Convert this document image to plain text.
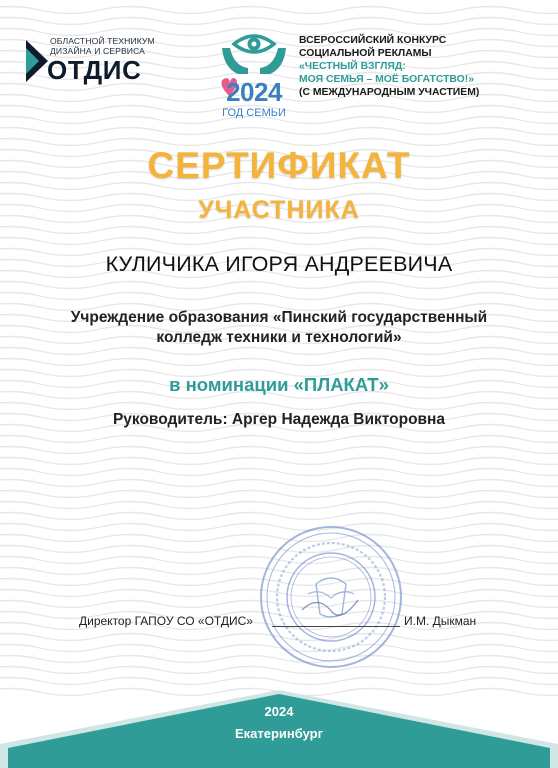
ОБЛАСТНОЙ ТЕХНИКУМ
ДИЗАЙНА И СЕРВИСА
ОТДИС
2024
ГОД СЕМЬИ
ВСЕРОССИЙСКИЙ КОНКУРС
СОЦИАЛЬНОЙ РЕКЛАМЫ
«ЧЕСТНЫЙ ВЗГЛЯД:
МОЯ СЕМЬЯ – МОЁ БОГАТСТВО!»
(С МЕЖДУНАРОДНЫМ УЧАСТИЕМ)
СЕРТИФИКАТ
УЧАСТНИКА
КУЛИЧИКА ИГОРЯ АНДРЕЕВИЧА
Учреждение образования «Пинский государственный
колледж техники и технологий»
в номинации «ПЛАКАТ»
Руководитель: Аргер Надежда Викторовна
Директор ГАПОУ СО «ОТДИС»	И.М. Дыкман
2024
Екатеринбург
